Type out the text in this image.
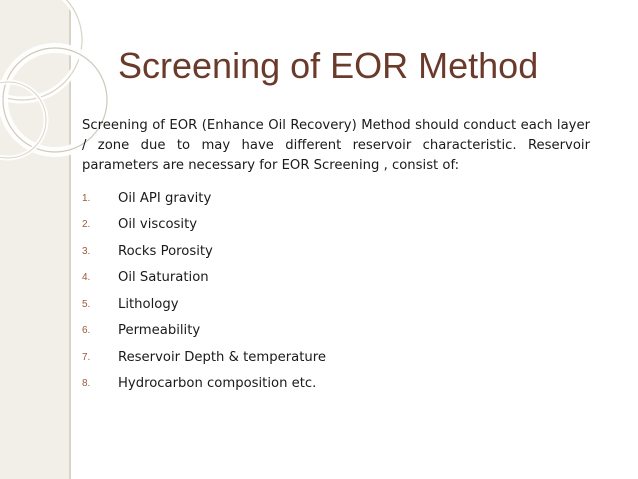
Screening of EOR Method

Screening of EOR (Enhance Oil Recovery) Method should conduct each layer / zone due to may have different reservoir characteristic. Reservoir parameters are necessary for EOR Screening , consist of:

1.	Oil API gravity
2.	Oil viscosity
3.	Rocks Porosity
4.	Oil Saturation
5.	Lithology
6.	Permeability
7.	Reservoir Depth & temperature
8.	Hydrocarbon composition etc.
